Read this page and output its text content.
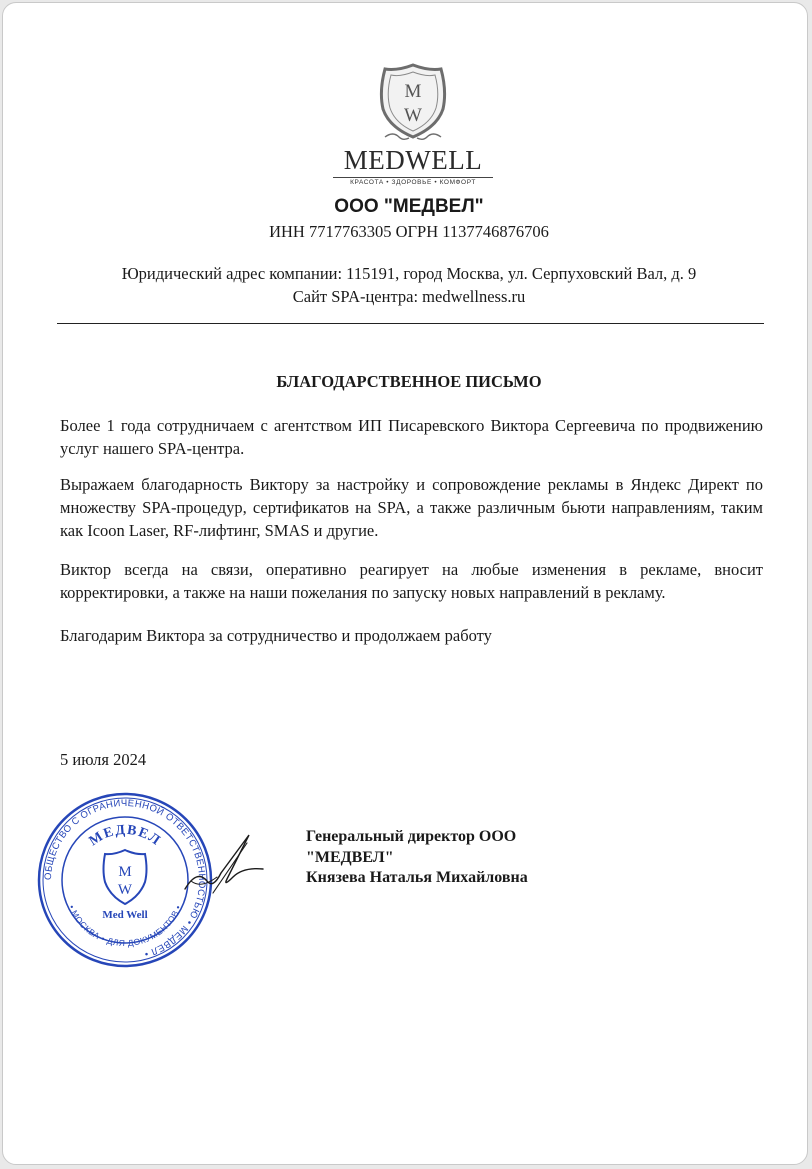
M
W
MEDWELL
КРАСОТА • ЗДОРОВЬЕ • КОМФОРТ
ООО "МЕДВЕЛ"
ИНН 7717763305 ОГРН 1137746876706
Юридический адрес компании: 115191, город Москва, ул. Серпуховский Вал, д. 9
Сайт SPA-центра: medwellness.ru
БЛАГОДАРСТВЕННОЕ ПИСЬМО
Более 1 года сотрудничаем с агентством ИП Писаревского Виктора Сергеевича по продвижению услуг нашего SPA-центра.
Выражаем благодарность Виктору за настройку и сопровождение рекламы в Яндекс Директ по множеству SPA-процедур, сертификатов на SPA, а также различным бьюти направлениям, таким как Icoon Laser, RF-лифтинг, SMAS и другие.
Виктор всегда на связи, оперативно реагирует на любые изменения в рекламе, вносит корректировки, а также на наши пожелания по запуску новых направлений в рекламу.
Благодарим Виктора за сотрудничество и продолжаем работу
5 июля 2024
ОБЩЕСТВО С ОГРАНИЧЕННОЙ ОТВЕТСТВЕННОСТЬЮ • МЕДВЕЛ •
МЕДВЕЛ
M
W
Med Well
• МОСКВА • ДЛЯ ДОКУМЕНТОВ •
Генеральный директор ООО
"МЕДВЕЛ"
Князева Наталья Михайловна
